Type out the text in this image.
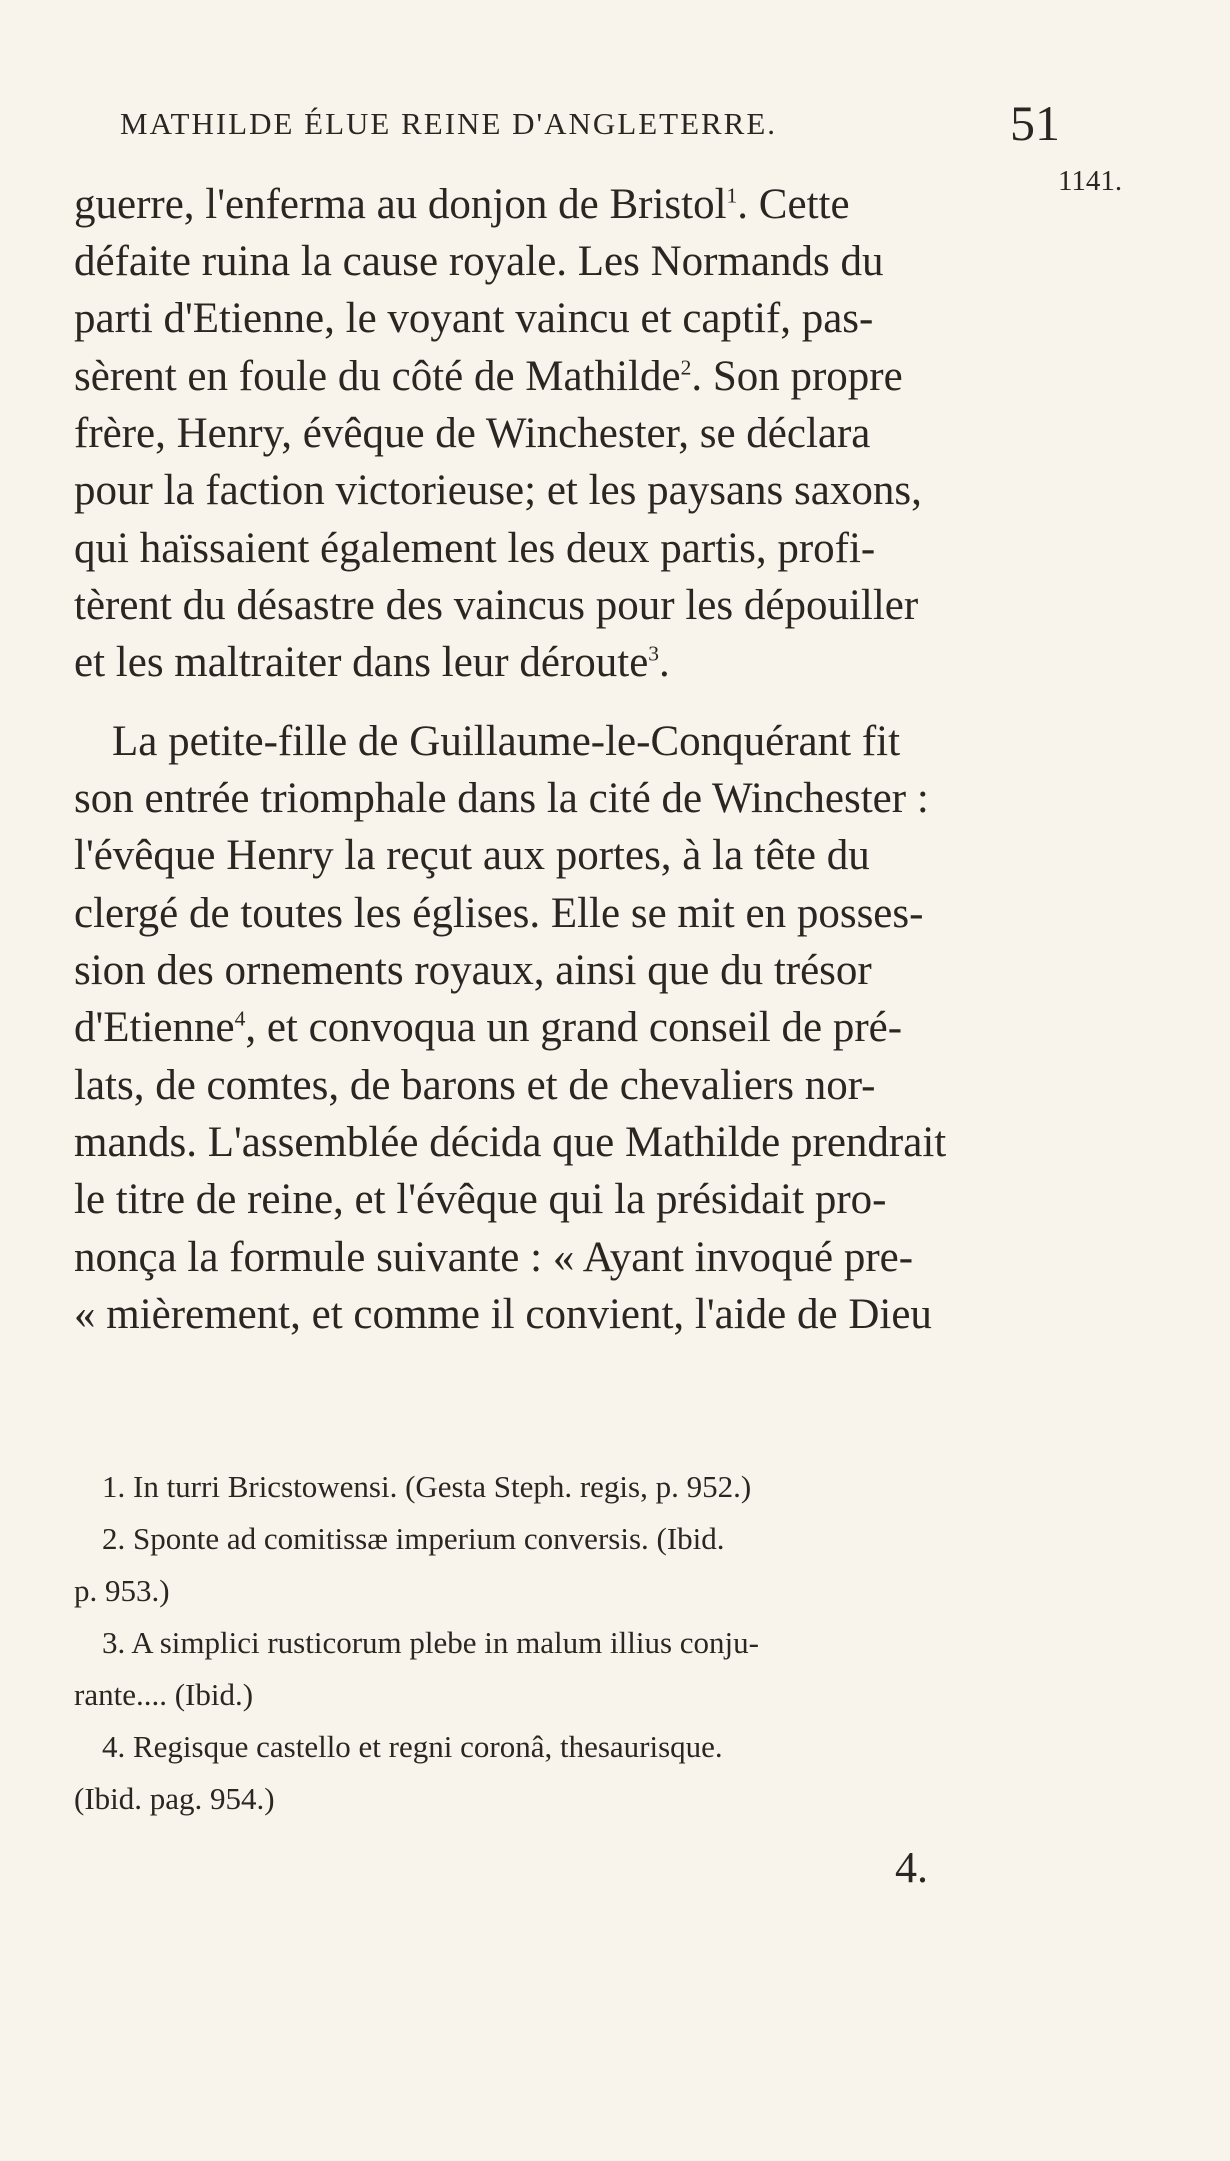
MATHILDE ÉLUE REINE D'ANGLETERRE.	51
1141.
guerre, l'enferma au donjon de Bristol$^1$. Cette
défaite ruina la cause royale. Les Normands du
parti d'Etienne, le voyant vaincu et captif, pas-
sèrent en foule du côté de Mathilde$^2$. Son propre
frère, Henry, évêque de Winchester, se déclara
pour la faction victorieuse; et les paysans saxons,
qui haïssaient également les deux partis, profi-
tèrent du désastre des vaincus pour les dépouiller
et les maltraiter dans leur déroute$^3$.
La petite-fille de Guillaume-le-Conquérant fit
son entrée triomphale dans la cité de Winchester :
l'évêque Henry la reçut aux portes, à la tête du
clergé de toutes les églises. Elle se mit en posses-
sion des ornements royaux, ainsi que du trésor
d'Etienne$^4$, et convoqua un grand conseil de pré-
lats, de comtes, de barons et de chevaliers nor-
mands. L'assemblée décida que Mathilde prendrait
le titre de reine, et l'évêque qui la présidait pro-
nonça la formule suivante : « Ayant invoqué pre-
« mièrement, et comme il convient, l'aide de Dieu
1. In turri Bricstowensi. (Gesta Steph. regis, p. 952.)
2. Sponte ad comitissæ imperium conversis. (Ibid.
p. 953.)
3. A simplici rusticorum plebe in malum illius conju-
rante.... (Ibid.)
4. Regisque castello et regni coronâ, thesaurisque.
(Ibid. pag. 954.)
4.
